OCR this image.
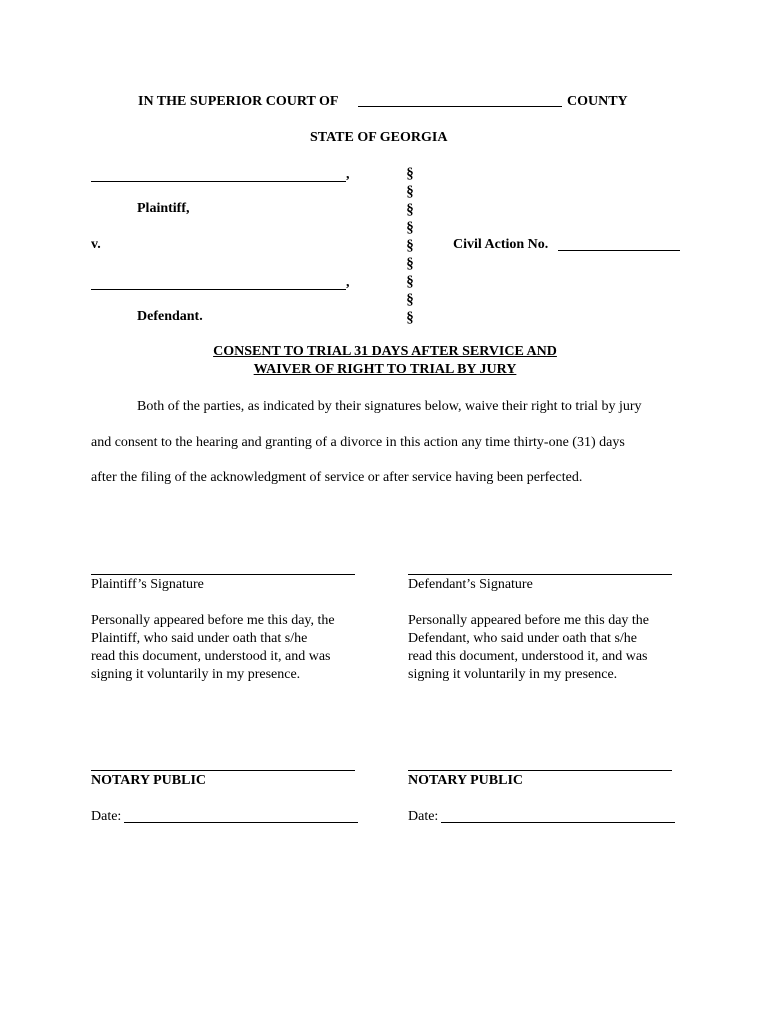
IN THE SUPERIOR COURT OF	COUNTY
STATE OF GEORGIA
,
Plaintiff,
v.
,
Defendant.
§
§
§
§
§
§
§
§
§
Civil Action No.
CONSENT TO TRIAL 31 DAYS AFTER SERVICE AND
WAIVER OF RIGHT TO TRIAL BY JURY
Both of the parties, as indicated by their signatures below, waive their right to trial by jury
and consent to the hearing and granting of a divorce in this action any time thirty-one (31) days
after the filing of the acknowledgment of service or after service having been perfected.
Plaintiff’s Signature
Personally appeared before me this day, the
Plaintiff, who said under oath that s/he
read this document, understood it, and was
signing it voluntarily in my presence.
NOTARY PUBLIC
Date:
Defendant’s Signature
Personally appeared before me this day the
Defendant, who said under oath that s/he
read this document, understood it, and was
signing it voluntarily in my presence.
NOTARY PUBLIC
Date:
